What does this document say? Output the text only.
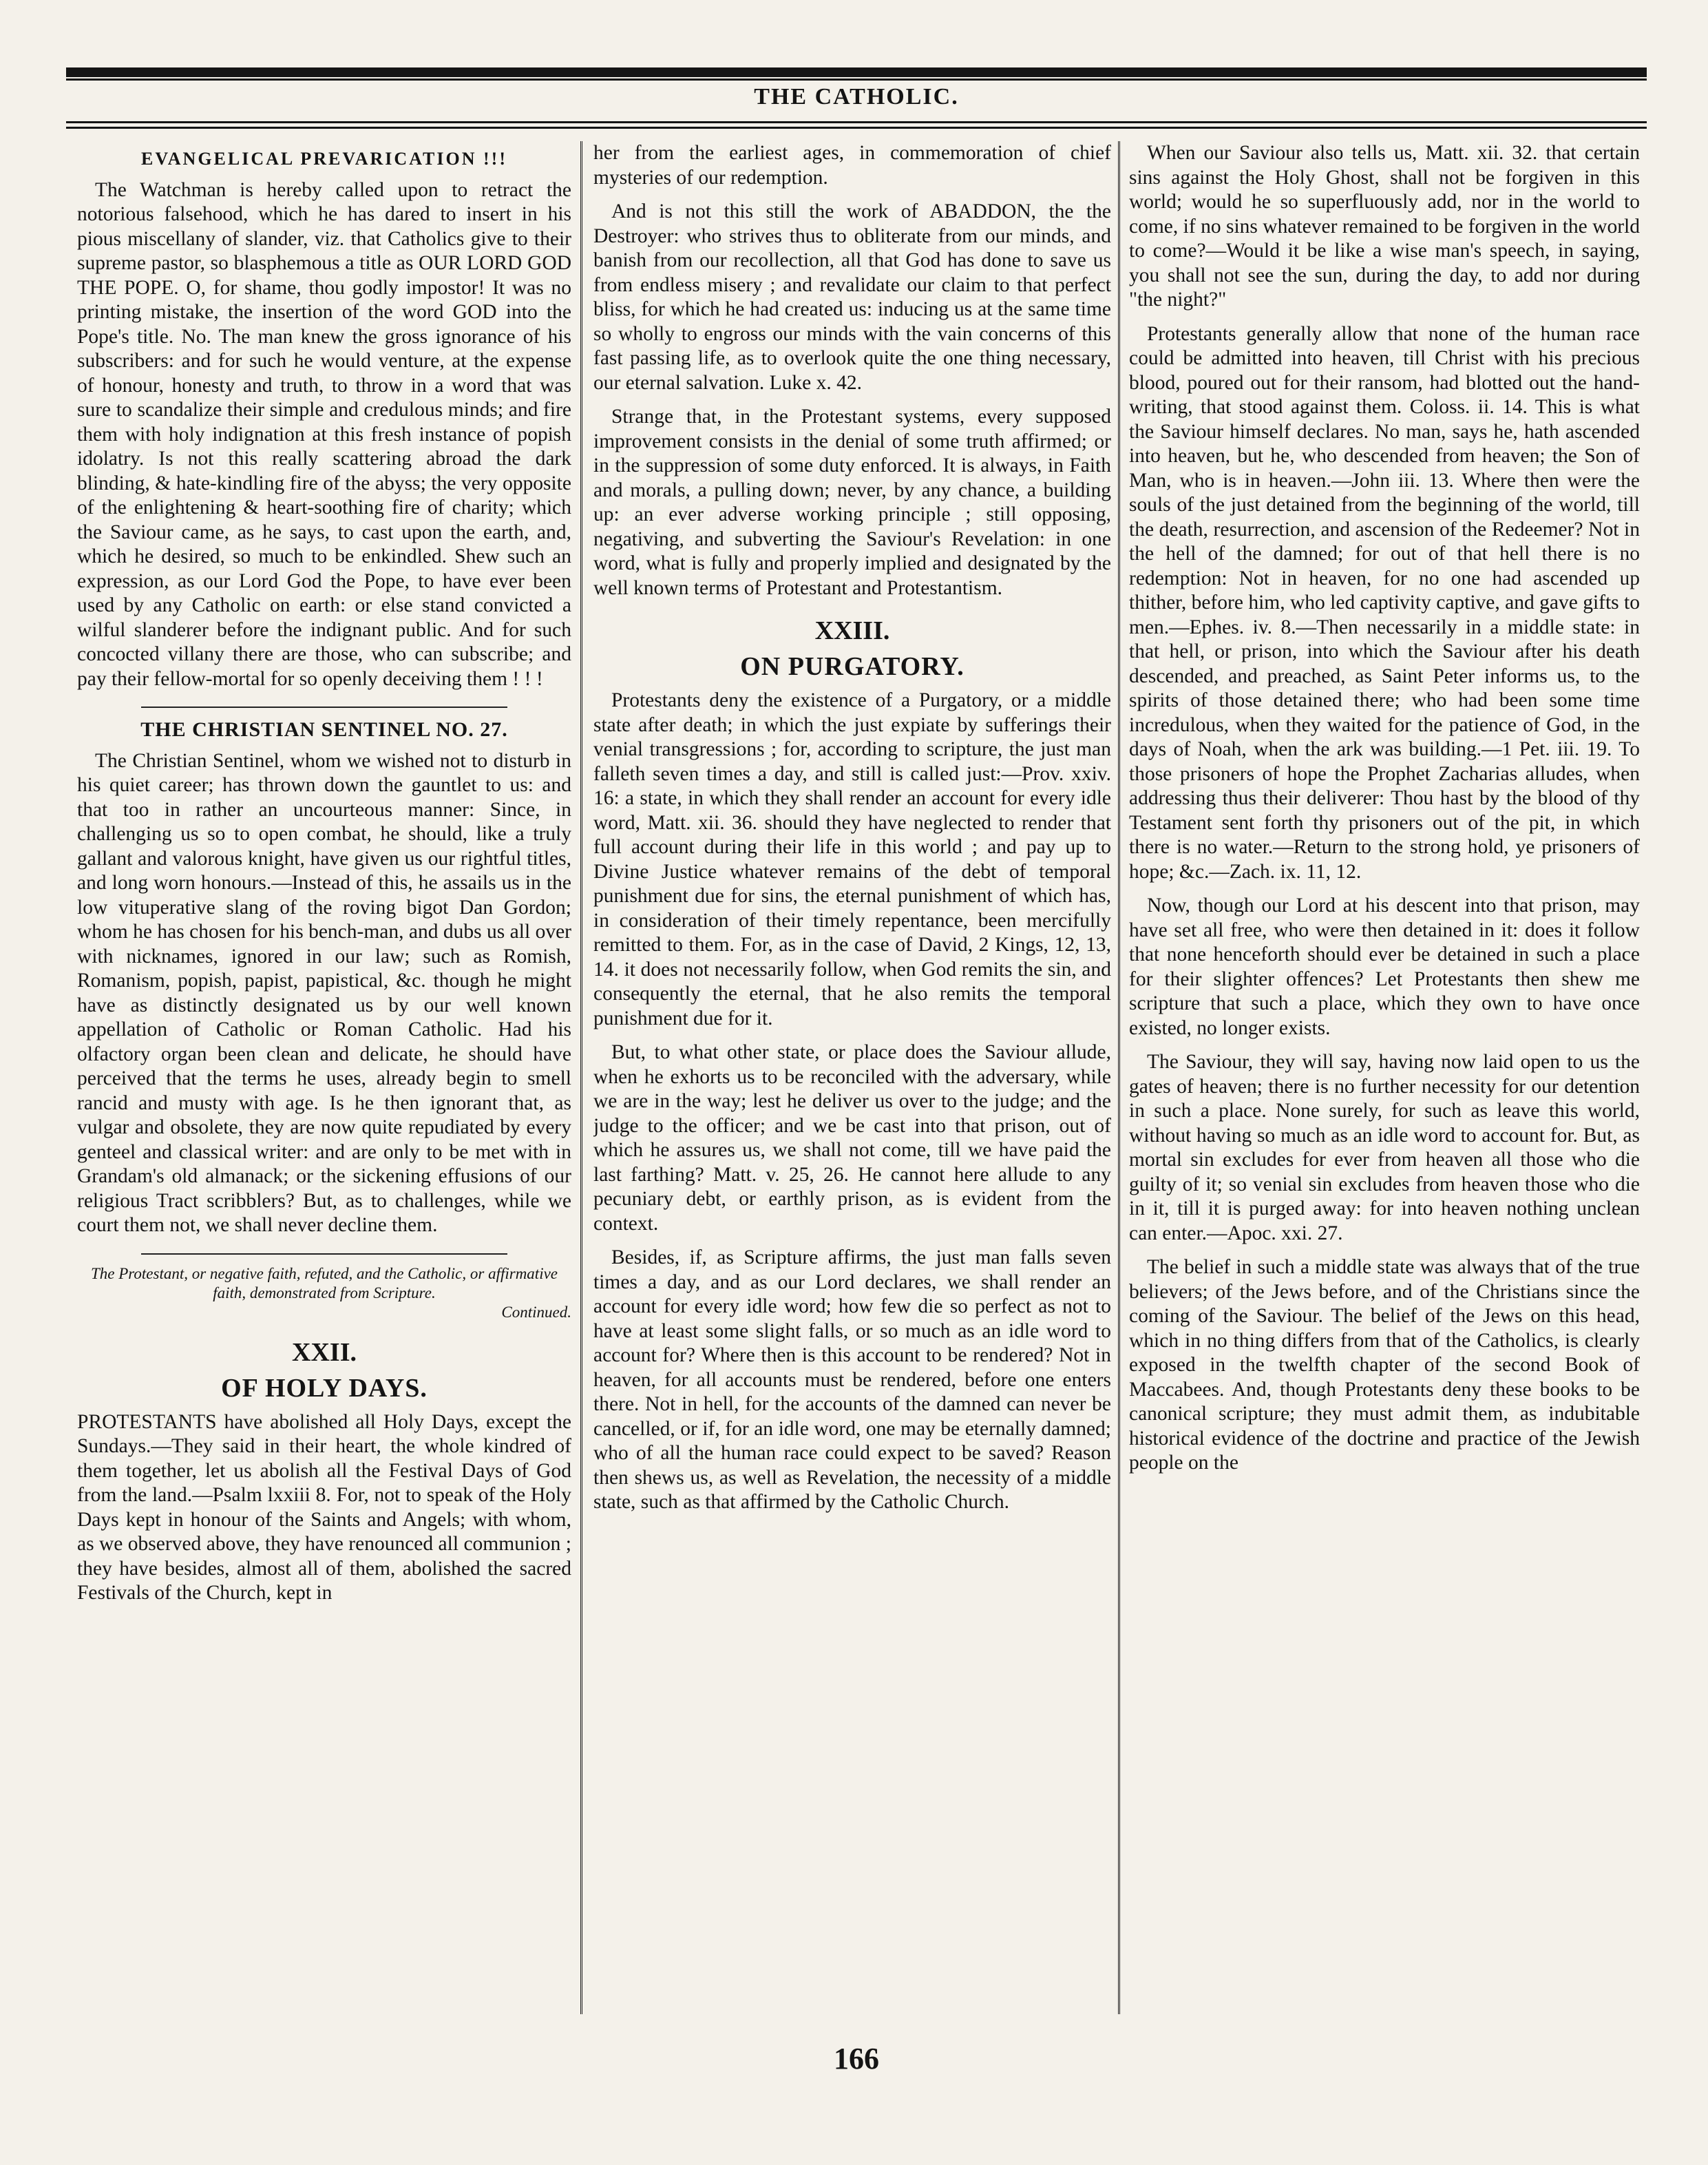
THE CATHOLIC.
EVANGELICAL PREVARICATION !!!

The Watchman is hereby called upon to retract the notorious falsehood, which he has dared to insert in his pious miscellany of slander, viz. that Catholics give to their supreme pastor, so blasphemous a title as OUR LORD GOD THE POPE. O, for shame, thou godly impostor! It was no printing mistake, the insertion of the word GOD into the Pope's title. No. The man knew the gross ignorance of his subscribers: and for such he would venture, at the expense of honour, honesty and truth, to throw in a word that was sure to scandalize their simple and credulous minds; and fire them with holy indignation at this fresh instance of popish idolatry. Is not this really scattering abroad the dark blinding, & hate-kindling fire of the abyss; the very opposite of the enlightening & heart-soothing fire of charity; which the Saviour came, as he says, to cast upon the earth, and, which he desired, so much to be enkindled. Shew such an expression, as our Lord God the Pope, to have ever been used by any Catholic on earth: or else stand convicted a wilful slanderer before the indignant public. And for such concocted villany there are those, who can subscribe; and pay their fellow-mortal for so openly deceiving them ! ! !

THE CHRISTIAN SENTINEL NO. 27.

The Christian Sentinel, whom we wished not to disturb in his quiet career; has thrown down the gauntlet to us: and that too in rather an uncourteous manner: Since, in challenging us so to open combat, he should, like a truly gallant and valorous knight, have given us our rightful titles, and long worn honours.—Instead of this, he assails us in the low vituperative slang of the roving bigot Dan Gordon; whom he has chosen for his bench-man, and dubs us all over with nicknames, ignored in our law; such as Romish, Romanism, popish, papist, papistical, &c. though he might have as distinctly designated us by our well known appellation of Catholic or Roman Catholic. Had his olfactory organ been clean and delicate, he should have perceived that the terms he uses, already begin to smell rancid and musty with age. Is he then ignorant that, as vulgar and obsolete, they are now quite repudiated by every genteel and classical writer: and are only to be met with in Grandam's old almanack; or the sickening effusions of our religious Tract scribblers? But, as to challenges, while we court them not, we shall never decline them.

The Protestant, or negative faith, refuted, and the Catholic, or affirmative faith, demonstrated from Scripture.
Continued.
XXII.
OF HOLY DAYS.

PROTESTANTS have abolished all Holy Days, except the Sundays.—They said in their heart, the whole kindred of them together, let us abolish all the Festival Days of God from the land.—Psalm lxxiii 8. For, not to speak of the Holy Days kept in honour of the Saints and Angels; with whom, as we observed above, they have renounced all communion ; they have besides, almost all of them, abolished the sacred Festivals of the Church, kept in

her from the earliest ages, in commemoration of chief mysteries of our redemption.

And is not this still the work of ABADDON, the the Destroyer: who strives thus to obliterate from our minds, and banish from our recollection, all that God has done to save us from endless misery ; and revalidate our claim to that perfect bliss, for which he had created us: inducing us at the same time so wholly to engross our minds with the vain concerns of this fast passing life, as to overlook quite the one thing necessary, our eternal salvation. Luke x. 42.

Strange that, in the Protestant systems, every supposed improvement consists in the denial of some truth affirmed; or in the suppression of some duty enforced. It is always, in Faith and morals, a pulling down; never, by any chance, a building up: an ever adverse working principle ; still opposing, negativing, and subverting the Saviour's Revelation: in one word, what is fully and properly implied and designated by the well known terms of Protestant and Protestantism.

XXIII.
ON PURGATORY.

Protestants deny the existence of a Purgatory, or a middle state after death; in which the just expiate by sufferings their venial transgressions ; for, according to scripture, the just man falleth seven times a day, and still is called just:—Prov. xxiv. 16: a state, in which they shall render an account for every idle word, Matt. xii. 36. should they have neglected to render that full account during their life in this world ; and pay up to Divine Justice whatever remains of the debt of temporal punishment due for sins, the eternal punishment of which has, in consideration of their timely repentance, been mercifully remitted to them. For, as in the case of David, 2 Kings, 12, 13, 14. it does not necessarily follow, when God remits the sin, and consequently the eternal, that he also remits the temporal punishment due for it.

But, to what other state, or place does the Saviour allude, when he exhorts us to be reconciled with the adversary, while we are in the way; lest he deliver us over to the judge; and the judge to the officer; and we be cast into that prison, out of which he assures us, we shall not come, till we have paid the last farthing? Matt. v. 25, 26. He cannot here allude to any pecuniary debt, or earthly prison, as is evident from the context.

Besides, if, as Scripture affirms, the just man falls seven times a day, and as our Lord declares, we shall render an account for every idle word; how few die so perfect as not to have at least some slight falls, or so much as an idle word to account for? Where then is this account to be rendered? Not in heaven, for all accounts must be rendered, before one enters there. Not in hell, for the accounts of the damned can never be cancelled, or if, for an idle word, one may be eternally damned; who of all the human race could expect to be saved? Reason then shews us, as well as Revelation, the necessity of a middle state, such as that affirmed by the Catholic Church.

When our Saviour also tells us, Matt. xii. 32. that certain sins against the Holy Ghost, shall not be forgiven in this world; would he so superfluously add, nor in the world to come, if no sins whatever remained to be forgiven in the world to come?—Would it be like a wise man's speech, in saying, you shall not see the sun, during the day, to add nor during "the night?"

Protestants generally allow that none of the human race could be admitted into heaven, till Christ with his precious blood, poured out for their ransom, had blotted out the hand-writing, that stood against them. Coloss. ii. 14. This is what the Saviour himself declares. No man, says he, hath ascended into heaven, but he, who descended from heaven; the Son of Man, who is in heaven.—John iii. 13. Where then were the souls of the just detained from the beginning of the world, till the death, resurrection, and ascension of the Redeemer? Not in the hell of the damned; for out of that hell there is no redemption: Not in heaven, for no one had ascended up thither, before him, who led captivity captive, and gave gifts to men.—Ephes. iv. 8.—Then necessarily in a middle state: in that hell, or prison, into which the Saviour after his death descended, and preached, as Saint Peter informs us, to the spirits of those detained there; who had been some time incredulous, when they waited for the patience of God, in the days of Noah, when the ark was building.—1 Pet. iii. 19. To those prisoners of hope the Prophet Zacharias alludes, when addressing thus their deliverer: Thou hast by the blood of thy Testament sent forth thy prisoners out of the pit, in which there is no water.—Return to the strong hold, ye prisoners of hope; &c.—Zach. ix. 11, 12.

Now, though our Lord at his descent into that prison, may have set all free, who were then detained in it: does it follow that none henceforth should ever be detained in such a place for their slighter offences? Let Protestants then shew me scripture that such a place, which they own to have once existed, no longer exists.

The Saviour, they will say, having now laid open to us the gates of heaven; there is no further necessity for our detention in such a place. None surely, for such as leave this world, without having so much as an idle word to account for. But, as mortal sin excludes for ever from heaven all those who die guilty of it; so venial sin excludes from heaven those who die in it, till it is purged away: for into heaven nothing unclean can enter.—Apoc. xxi. 27.

The belief in such a middle state was always that of the true believers; of the Jews before, and of the Christians since the coming of the Saviour. The belief of the Jews on this head, which in no thing differs from that of the Catholics, is clearly exposed in the twelfth chapter of the second Book of Maccabees. And, though Protestants deny these books to be canonical scripture; they must admit them, as indubitable historical evidence of the doctrine and practice of the Jewish people on the

166
